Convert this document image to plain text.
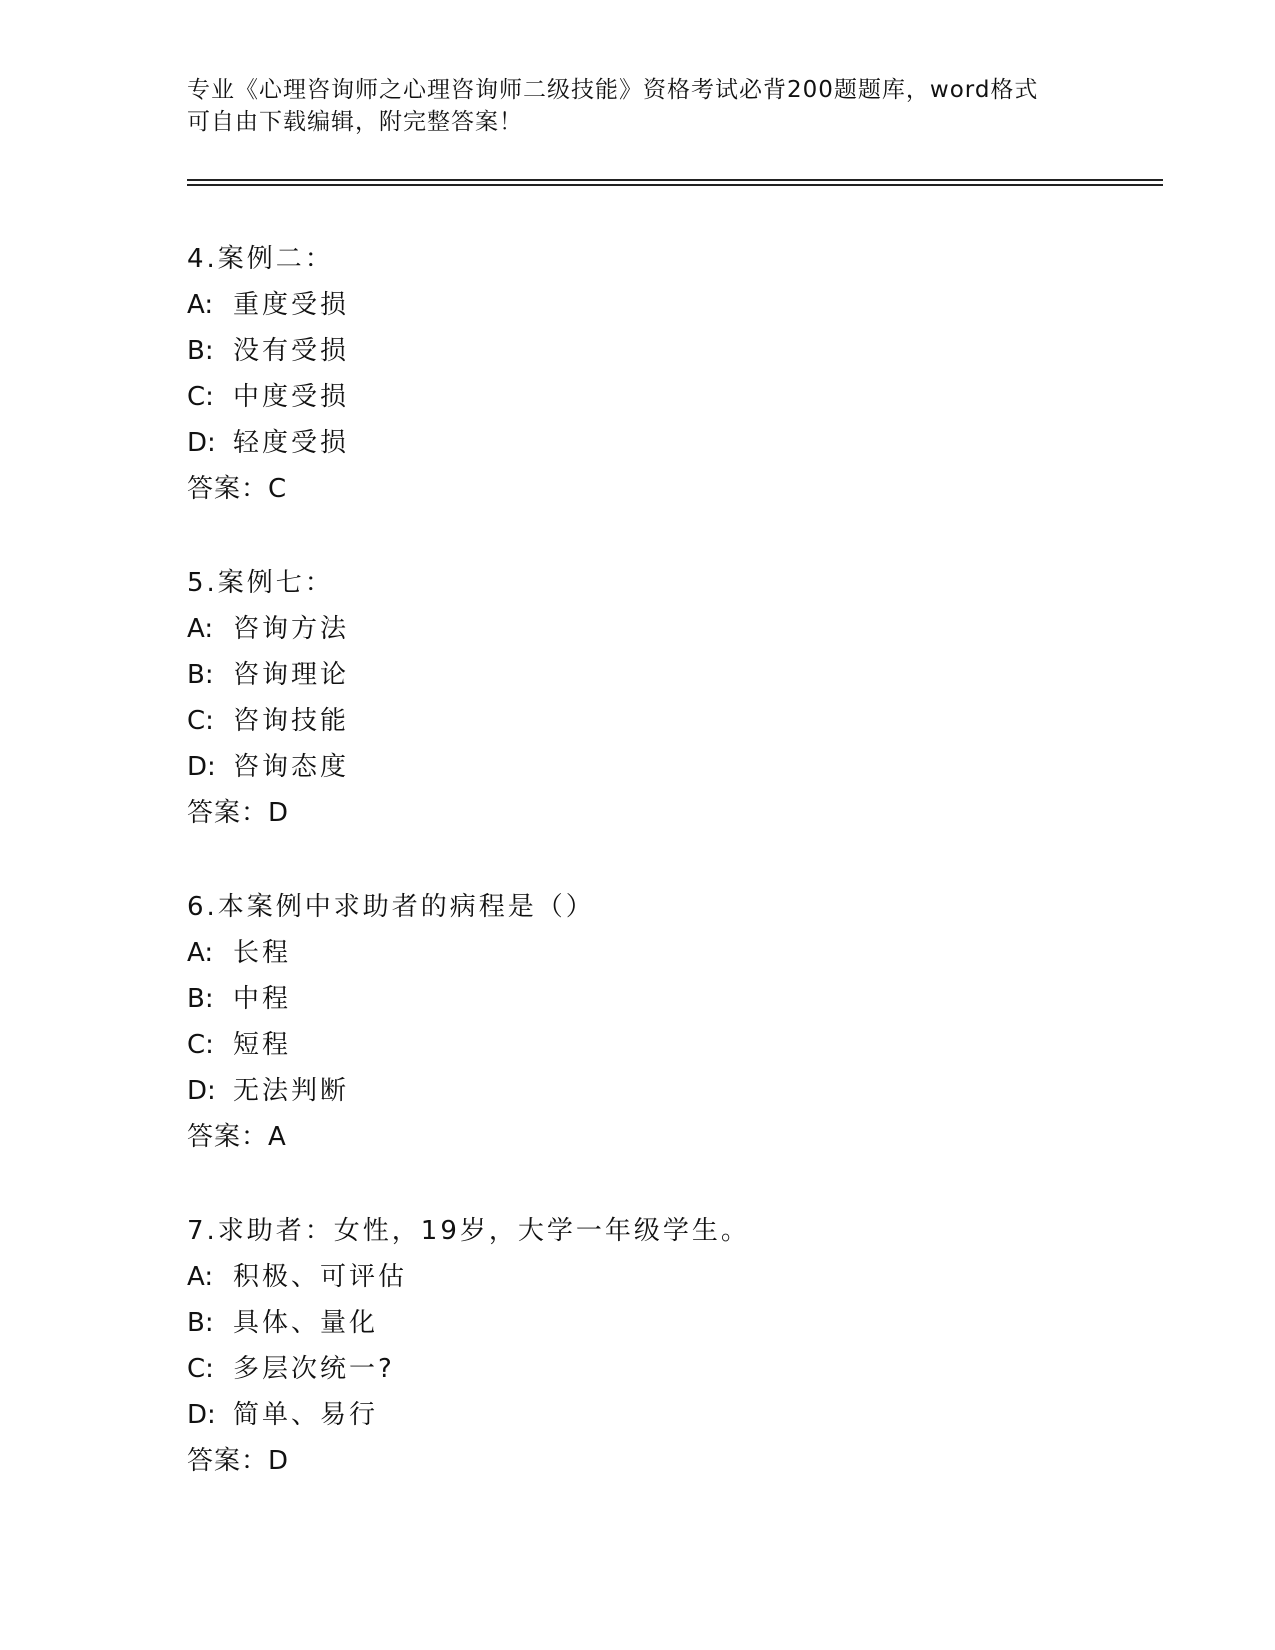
专业《心理咨询师之心理咨询师二级技能》资格考试必背200题题库，word格式
可自由下载编辑，附完整答案！
4.案例二：
A: 重度受损
B: 没有受损
C: 中度受损
D: 轻度受损
答案：C
5.案例七：
A: 咨询方法
B: 咨询理论
C: 咨询技能
D: 咨询态度
答案：D
6.本案例中求助者的病程是（）
A: 长程
B: 中程
C: 短程
D: 无法判断
答案：A
7.求助者：女性，19岁，大学一年级学生。
A: 积极、可评估
B: 具体、量化
C: 多层次统一?
D: 简单、易行
答案：D
